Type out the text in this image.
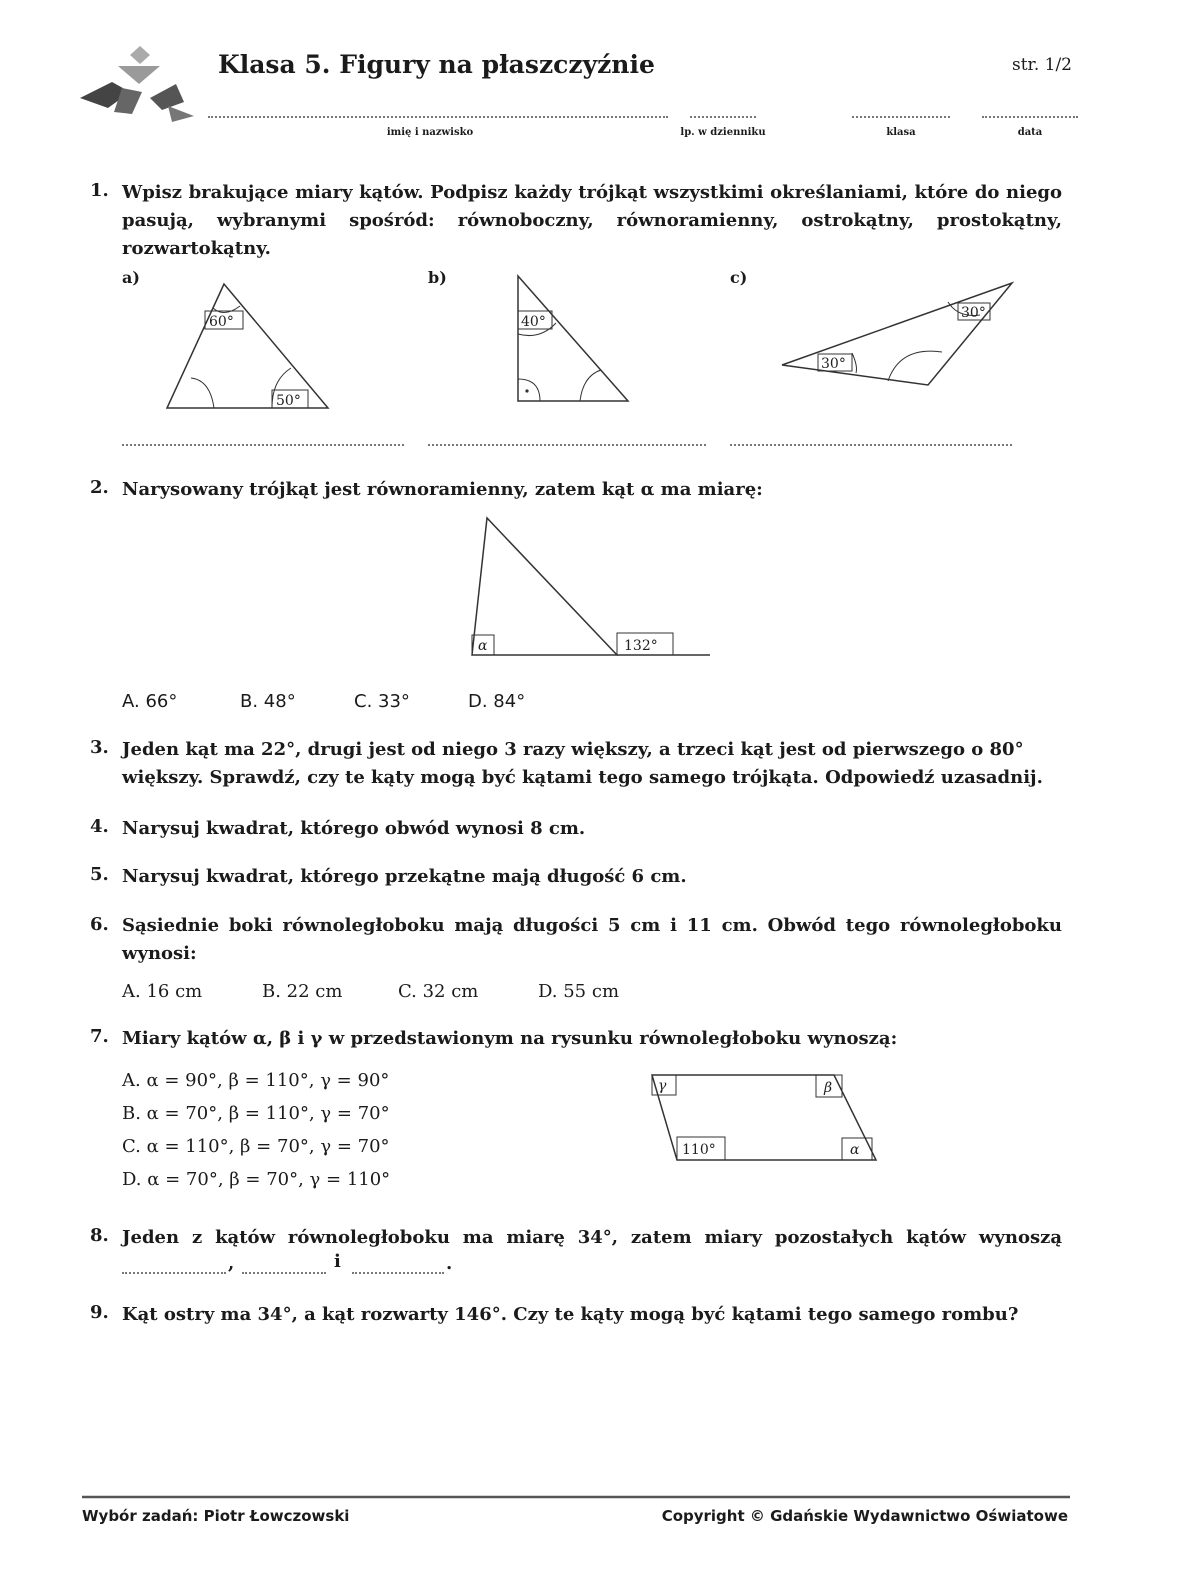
Klasa 5. Figury na płaszczyźnie	str. 1/2
imię i nazwisko	lp. w dzienniku	klasa	data
1. Wpisz brakujące miary kątów. Podpisz każdy trójkąt wszystkimi określaniami, które do niego pasują, wybranymi spośród: równoboczny, równoramienny, ostrokątny, prostokątny, rozwartokątny.
a)	b)	c)
60°
50°
40°
30°
30°
α	132°
γ	β
110°	α
2. Narysowany trójkąt jest równoramienny, zatem kąt α ma miarę:
A. 66°	B. 48°	C. 33°	D. 84°
3. Jeden kąt ma 22°, drugi jest od niego 3 razy większy, a trzeci kąt jest od pierwszego o 80°
większy. Sprawdź, czy te kąty mogą być kątami tego samego trójkąta. Odpowiedź uzasadnij.
4. Narysuj kwadrat, którego obwód wynosi 8 cm.
5. Narysuj kwadrat, którego przekątne mają długość 6 cm.
6. Sąsiednie boki równoległoboku mają długości 5 cm i 11 cm. Obwód tego równoległoboku wynosi:
A. 16 cm	B. 22 cm	C. 32 cm	D. 55 cm
7. Miary kątów α, β i γ w przedstawionym na rysunku równoległoboku wynoszą:
A. α = 90°, β = 110°, γ = 90°
B. α = 70°, β = 110°, γ = 70°
C. α = 110°, β = 70°, γ = 70°
D. α = 70°, β = 70°, γ = 110°
8. Jeden z kątów równoległoboku ma miarę 34°, zatem miary pozostałych kątów wynoszą
,	i	.
9. Kąt ostry ma 34°, a kąt rozwarty 146°. Czy te kąty mogą być kątami tego samego rombu?
Wybór zadań: Piotr Łowczowski	Copyright © Gdańskie Wydawnictwo Oświatowe
